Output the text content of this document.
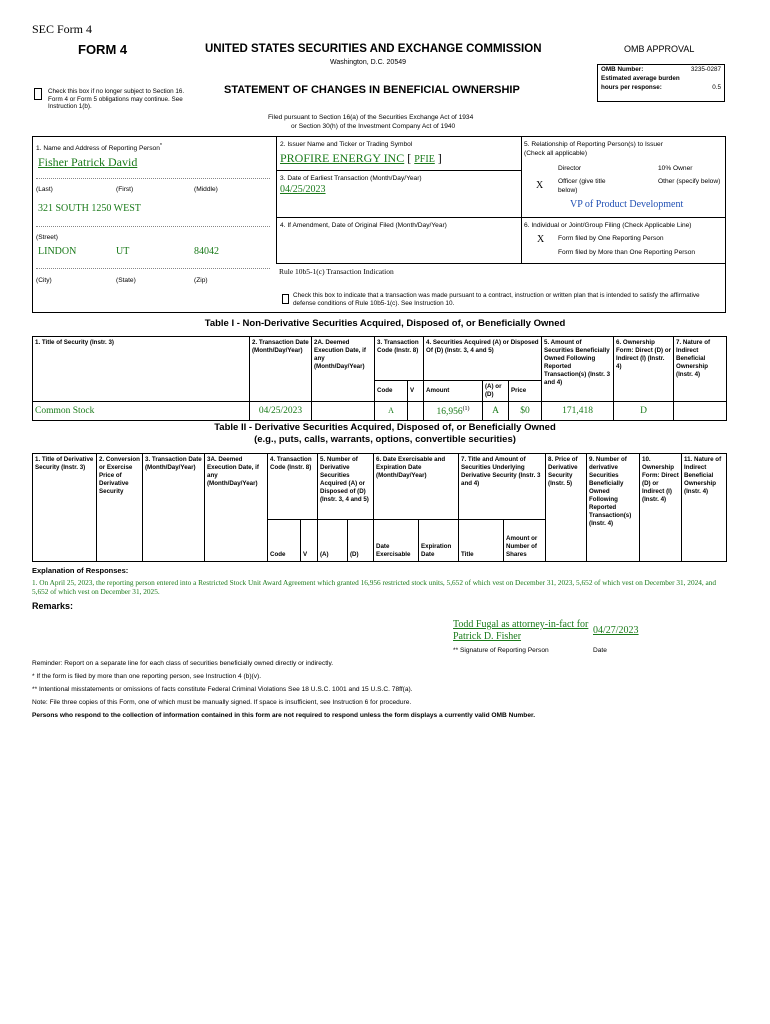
SEC Form 4
FORM 4	UNITED STATES SECURITIES AND EXCHANGE COMMISSION
Washington, D.C. 20549
Check this box if no longer subject to Section 16. Form 4 or Form 5 obligations may continue. See Instruction 1(b).
STATEMENT OF CHANGES IN BENEFICIAL OWNERSHIP
Filed pursuant to Section 16(a) of the Securities Exchange Act of 1934
or Section 30(h) of the Investment Company Act of 1940
OMB APPROVAL
OMB Number:	3235-0287
Estimated average burden	
hours per response:	0.5
1. Name and Address of Reporting Person*
Fisher Patrick David
(Last)	(First)	(Middle)
321 SOUTH 1250 WEST
(Street)
LINDON	UT	84042
(City)	(State)	(Zip)
2. Issuer Name and Ticker or Trading Symbol
PROFIRE ENERGY INC [ PFIE ]
3. Date of Earliest Transaction (Month/Day/Year)
04/25/2023
4. If Amendment, Date of Original Filed (Month/Day/Year)
5. Relationship of Reporting Person(s) to Issuer
(Check all applicable)
Director	10% Owner
X Officer (give title below)
Other (specify below)
VP of Product Development
6. Individual or Joint/Group Filing (Check Applicable Line)
X Form filed by One Reporting Person
Form filed by More than One Reporting Person
Rule 10b5-1(c) Transaction Indication
Check this box to indicate that a transaction was made pursuant to a contract, instruction or written plan that is intended to satisfy the affirmative defense conditions of Rule 10b5-1(c). See Instruction 10.
Table I - Non-Derivative Securities Acquired, Disposed of, or Beneficially Owned
1. Title of Security (Instr. 3)	2. Transaction Date (Month/Day/Year)	2A. Deemed Execution Date, if any (Month/Day/Year)	3. Transaction Code (Instr. 8)		4. Securities Acquired (A) or Disposed Of (D) (Instr. 3, 4 and 5)			5. Amount of Securities Beneficially Owned Following Reported Transaction(s) (Instr. 3 and 4)	6. Ownership Form: Direct (D) or Indirect (I) (Instr. 4)	7. Nature of Indirect Beneficial Ownership (Instr. 4)
			Code	V	Amount	(A) or (D)	Price			
Common Stock	04/25/2023		A		16,956$^{(1)}$	A	$0	171,418	D	
Table II - Derivative Securities Acquired, Disposed of, or Beneficially Owned
(e.g., puts, calls, warrants, options, convertible securities)
1. Title of Derivative Security (Instr. 3)	2. Conversion or Exercise Price of Derivative Security	3. Transaction Date (Month/Day/Year)	3A. Deemed Execution Date, if any (Month/Day/Year)	4. Transaction Code (Instr. 8)		5. Number of Derivative Securities Acquired (A) or Disposed of (D) (Instr. 3, 4 and 5)		6. Date Exercisable and Expiration Date (Month/Day/Year)		7. Title and Amount of Securities Underlying Derivative Security (Instr. 3 and 4)		8. Price of Derivative Security (Instr. 5)	9. Number of derivative Securities Beneficially Owned Following Reported Transaction(s) (Instr. 4)	10. Ownership Form: Direct (D) or Indirect (I) (Instr. 4)	11. Nature of Indirect Beneficial Ownership (Instr. 4)
				Code	V	(A)	(D)	Date Exercisable	Expiration Date	Title	Amount or Number of Shares				
Explanation of Responses:
1. On April 25, 2023, the reporting person entered into a Restricted Stock Unit Award Agreement which granted 16,956 restricted stock units, 5,652 of which vest on December 31, 2023, 5,652 of which vest on December 31, 2024, and 5,652 of which vest on December 31, 2025.
Remarks:
Todd Fugal as attorney-in-fact for
Patrick D. Fisher
04/27/2023
** Signature of Reporting Person	Date
Reminder: Report on a separate line for each class of securities beneficially owned directly or indirectly.
* If the form is filed by more than one reporting person, see Instruction 4 (b)(v).
** Intentional misstatements or omissions of facts constitute Federal Criminal Violations See 18 U.S.C. 1001 and 15 U.S.C. 78ff(a).
Note: File three copies of this Form, one of which must be manually signed. If space is insufficient, see Instruction 6 for procedure.
Persons who respond to the collection of information contained in this form are not required to respond unless the form displays a currently valid OMB Number.
